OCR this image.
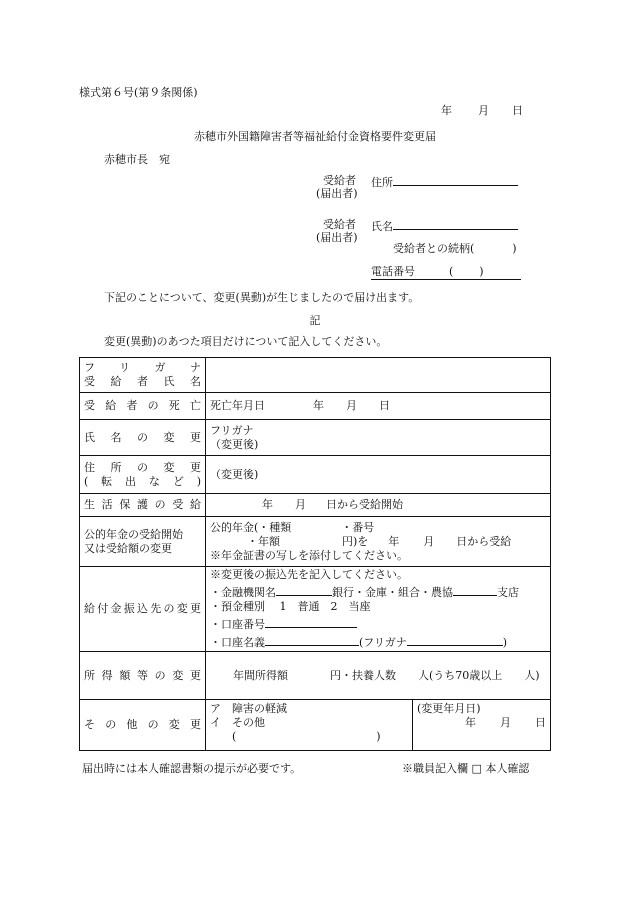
様式第６号(第９条関係)
年 月 日
赤穂市外国籍障害者等福祉給付金資格要件変更届
赤穂市長　宛
受給者
(届出者)
住所
受給者
(届出者)
氏名
受給者との続柄(	)
電話番号	( )
下記のことについて、変更(異動)が生じましたので届け出ます。
記
変更(異動)のあつた項目だけについて記入してください。
フリガナ
受給者氏名	

受給者の死亡	死亡年月日 年 月 日

氏名の変更	フリガナ
（変更後)

住所の変更
(転出など)	（変更後)

生活保護の受給	年 月 日から受給開始

公的年金の受給開始
又は受給額の変更	公的年金(・種類 ・番号
・年額 円)を 年 月 日から受給
※年金証書の写しを添付してください。

給付金振込先の変更	※変更後の振込先を記入してください。
・金融機関名 銀行・金庫・組合・農協 支店
・預金種別　 1　普通　2　当座
・口座番号
・口座名義 (フリガナ )

所得額等の変更	年間所得額 円・扶養人数 人(うち70歳以上 人)

その他の変更	ア　障害の軽減
イ　その他
( )
(変更年月日)
年 月 日
届出時には本人確認書類の提示が必要です。	※職員記入欄 □ 本人確認
